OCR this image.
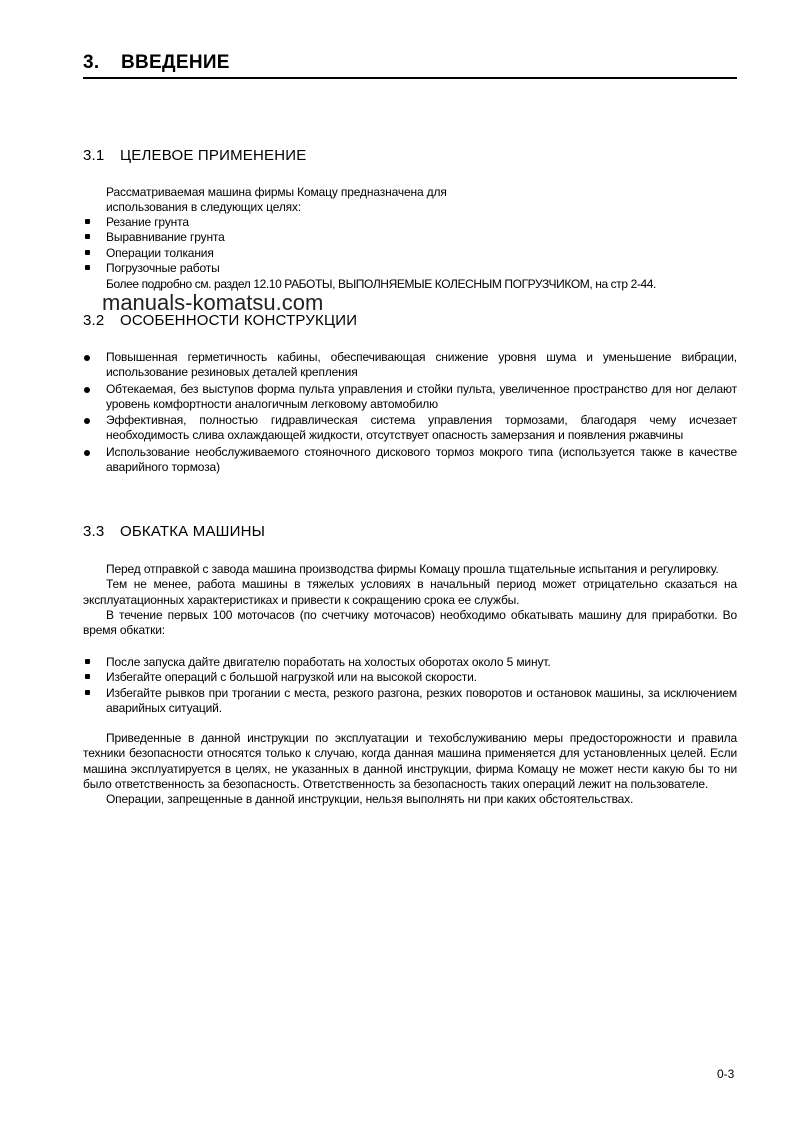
3. ВВЕДЕНИЕ
3.1 ЦЕЛЕВОЕ ПРИМЕНЕНИЕ
Рассматриваемая машина фирмы Комацу предназначена для
использования в следующих целях:
Резание грунта
Выравнивание грунта
Операции толкания
Погрузочные работы
Более подробно см. раздел 12.10 РАБОТЫ, ВЫПОЛНЯЕМЫЕ КОЛЕСНЫМ ПОГРУЗЧИКОМ, на стр 2-44.
manuals-komatsu.com
3.2 ОСОБЕННОСТИ КОНСТРУКЦИИ
Повышенная герметичность кабины, обеспечивающая снижение уровня шума и уменьшение вибрации, использование резиновых деталей крепления
Обтекаемая, без выступов форма пульта управления и стойки пульта, увеличенное пространство для ног делают уровень комфортности аналогичным легковому автомобилю
Эффективная, полностью гидравлическая система управления тормозами, благодаря чему исчезает необходимость слива охлаждающей жидкости, отсутствует опасность замерзания и появления ржавчины
Использование необслуживаемого стояночного дискового тормоз мокрого типа (используется также в качестве аварийного тормоза)
3.3 ОБКАТКА МАШИНЫ
Перед отправкой с завода машина производства фирмы Комацу прошла тщательные испытания и регулировку.
Тем не менее, работа машины в тяжелых условиях в начальный период может отрицательно сказаться на эксплуатационных характеристиках и привести к сокращению срока ее службы.
В течение первых 100 моточасов (по счетчику моточасов) необходимо обкатывать машину для приработки. Во время обкатки:
После запуска дайте двигателю поработать на холостых оборотах около 5 минут.
Избегайте операций с большой нагрузкой или на высокой скорости.
Избегайте рывков при трогании с места, резкого разгона, резких поворотов и остановок машины, за исключением аварийных ситуаций.
Приведенные в данной инструкции по эксплуатации и техобслуживанию меры предосторожности и правила техники безопасности относятся только к случаю, когда данная машина применяется для установленных целей. Если машина эксплуатируется в целях, не указанных в данной инструкции, фирма Комацу не может нести какую бы то ни было ответственность за безопасность. Ответственность за безопасность таких операций лежит на пользователе.
Операции, запрещенные в данной инструкции, нельзя выполнять ни при каких обстоятельствах.
0-3
